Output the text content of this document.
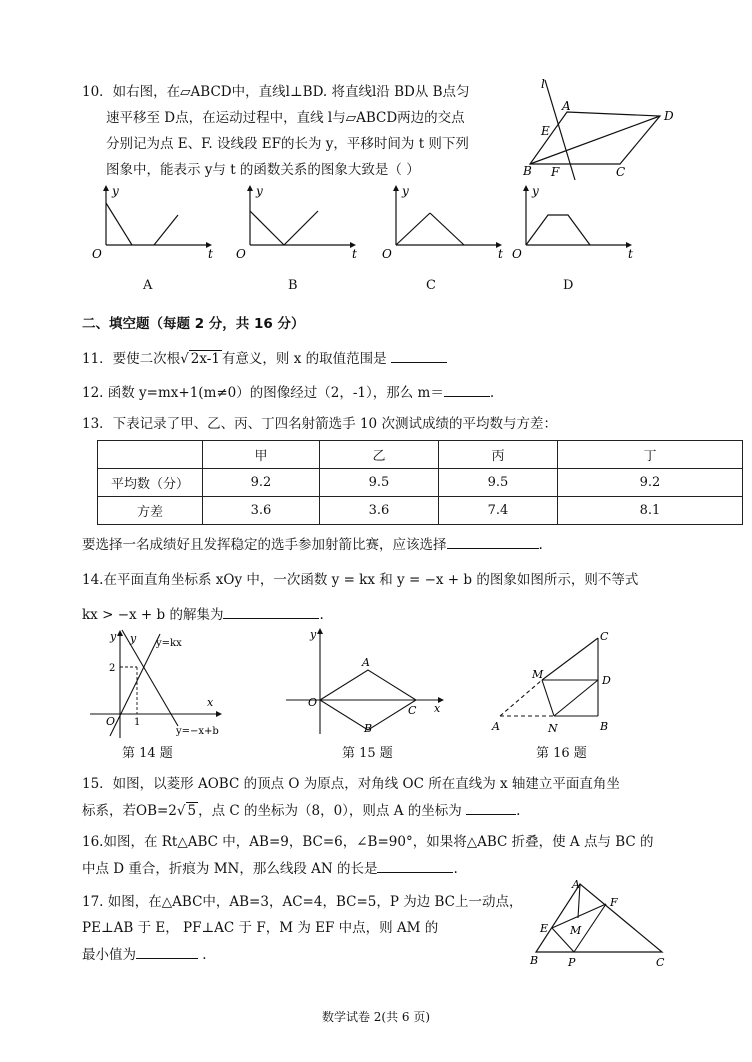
10．如右图，在▱ABCD中，直线l⊥BD. 将直线l沿 BD从 B点匀
速平移至 D点，在运动过程中，直线 l与▱ABCD两边的交点
分别记为点 E、F. 设线段 EF的长为 y，平移时间为 t 则下列
图象中，能表示 y与 t 的函数关系的图象大致是（ ）
l
A
D
E
B F	C
y
O	t
y
O	t
y
O	t
y
O	t
A	B	C	D
二、填空题（每题 2 分，共 16 分）
11．要使二次根√ 2x-1 有意义，则 x 的取值范围是
12. 函数 y=mx+1(m≠0）的图像经过（2，-1），那么 m＝	.
13．下表记录了甲、乙、丙、丁四名射箭选手 10 次测试成绩的平均数与方差：
	甲	乙	丙	丁
平均数（分）	9.2	9.5	9.5	9.2
方差	3.6	3.6	7.4	8.1
要选择一名成绩好且发挥稳定的选手参加射箭比赛，应该选择	.
14.在平面直角坐标系 xOy 中，一次函数 y = kx 和 y = −x + b 的图象如图所示，则不等式
kx > −x + b 的解集为	.
y
y
x
O
y=kx
2
1
y=−x+b
第 14 题
y
A
O
C x
B
第 15 题
C
M	D
A	N	B
第 16 题
15．如图，以菱形 AOBC 的顶点 O 为原点，对角线 OC 所在直线为 x 轴建立平面直角坐
标系，若OB=2√ 5 ，点 C 的坐标为（8，0），则点 A 的坐标为	.
16.如图，在 Rt△ABC 中，AB=9，BC=6，∠B=90°，如果将△ABC 折叠，使 A 点与 BC 的
中点 D 重合，折痕为 MN，那么线段 AN 的长是	.
17. 如图，在△ABC中，AB=3，AC=4，BC=5，P 为边 BC上一动点，
PE⊥AB 于 E， PF⊥AC 于 F，M 为 EF 中点，则 AM 的
最小值为	.
A
F
E M
B	P	C
数学试卷 2(共 6 页)
